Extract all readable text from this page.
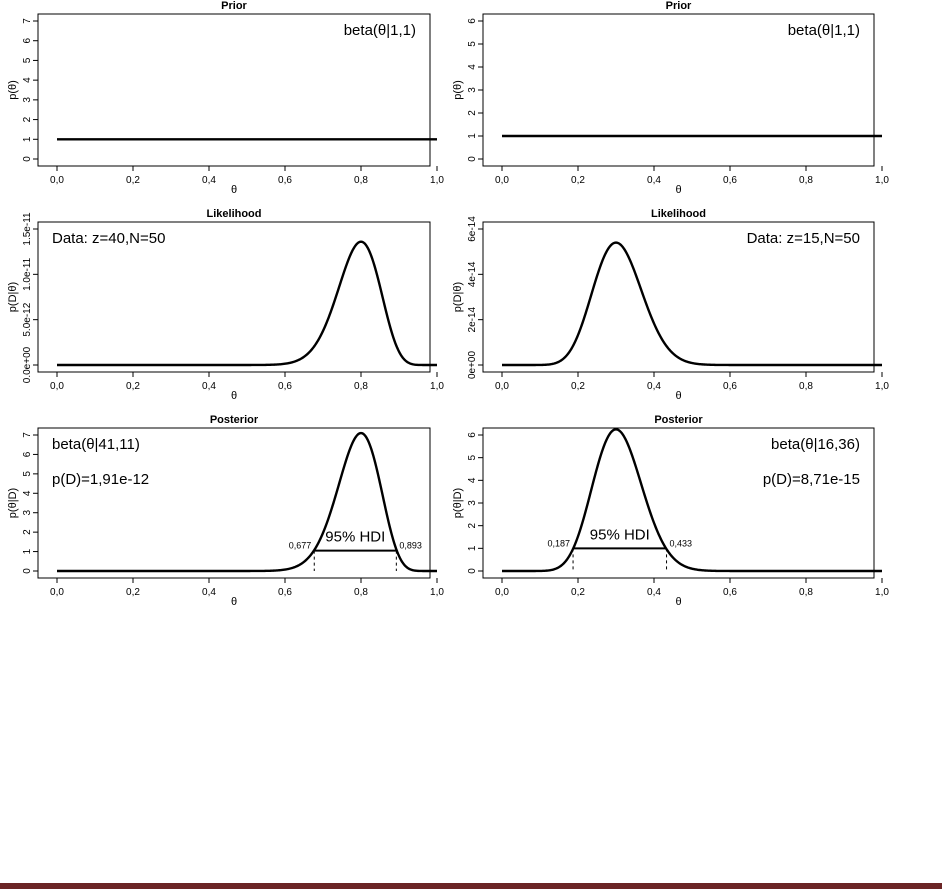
Prior
0,0	0,2	0,4	0,6	0,8	1,0
θ
0
1
2
3
4
5
6
7
p(θ)
beta(θ|1,1)
Prior
0,0	0,2	0,4	0,6	0,8	1,0
θ
0
1
2
3
4
5
6
p(θ)
beta(θ|1,1)
Likelihood
0,0	0,2	0,4	0,6	0,8	1,0
θ
0.0e+00
5.0e-12
1.0e-11
1.5e-11
p(D|θ)
Data: z=40,N=50
Likelihood
0,0	0,2	0,4	0,6	0,8	1,0
θ
0e+00
2e-14
4e-14
6e-14
p(D|θ)
Data: z=15,N=50
Posterior
0,0	0,2	0,4	0,6	0,8	1,0
θ
0
1
2
3
4
5
6
7
p(θ|D)
beta(θ|41,11)
p(D)=1,91e-12
95% HDI
0,677	0,893
Posterior
0,0	0,2	0,4	0,6	0,8	1,0
θ
0
1
2
3
4
5
6
p(θ|D)
beta(θ|16,36)
p(D)=8,71e-15
95% HDI
0,187	0,433
